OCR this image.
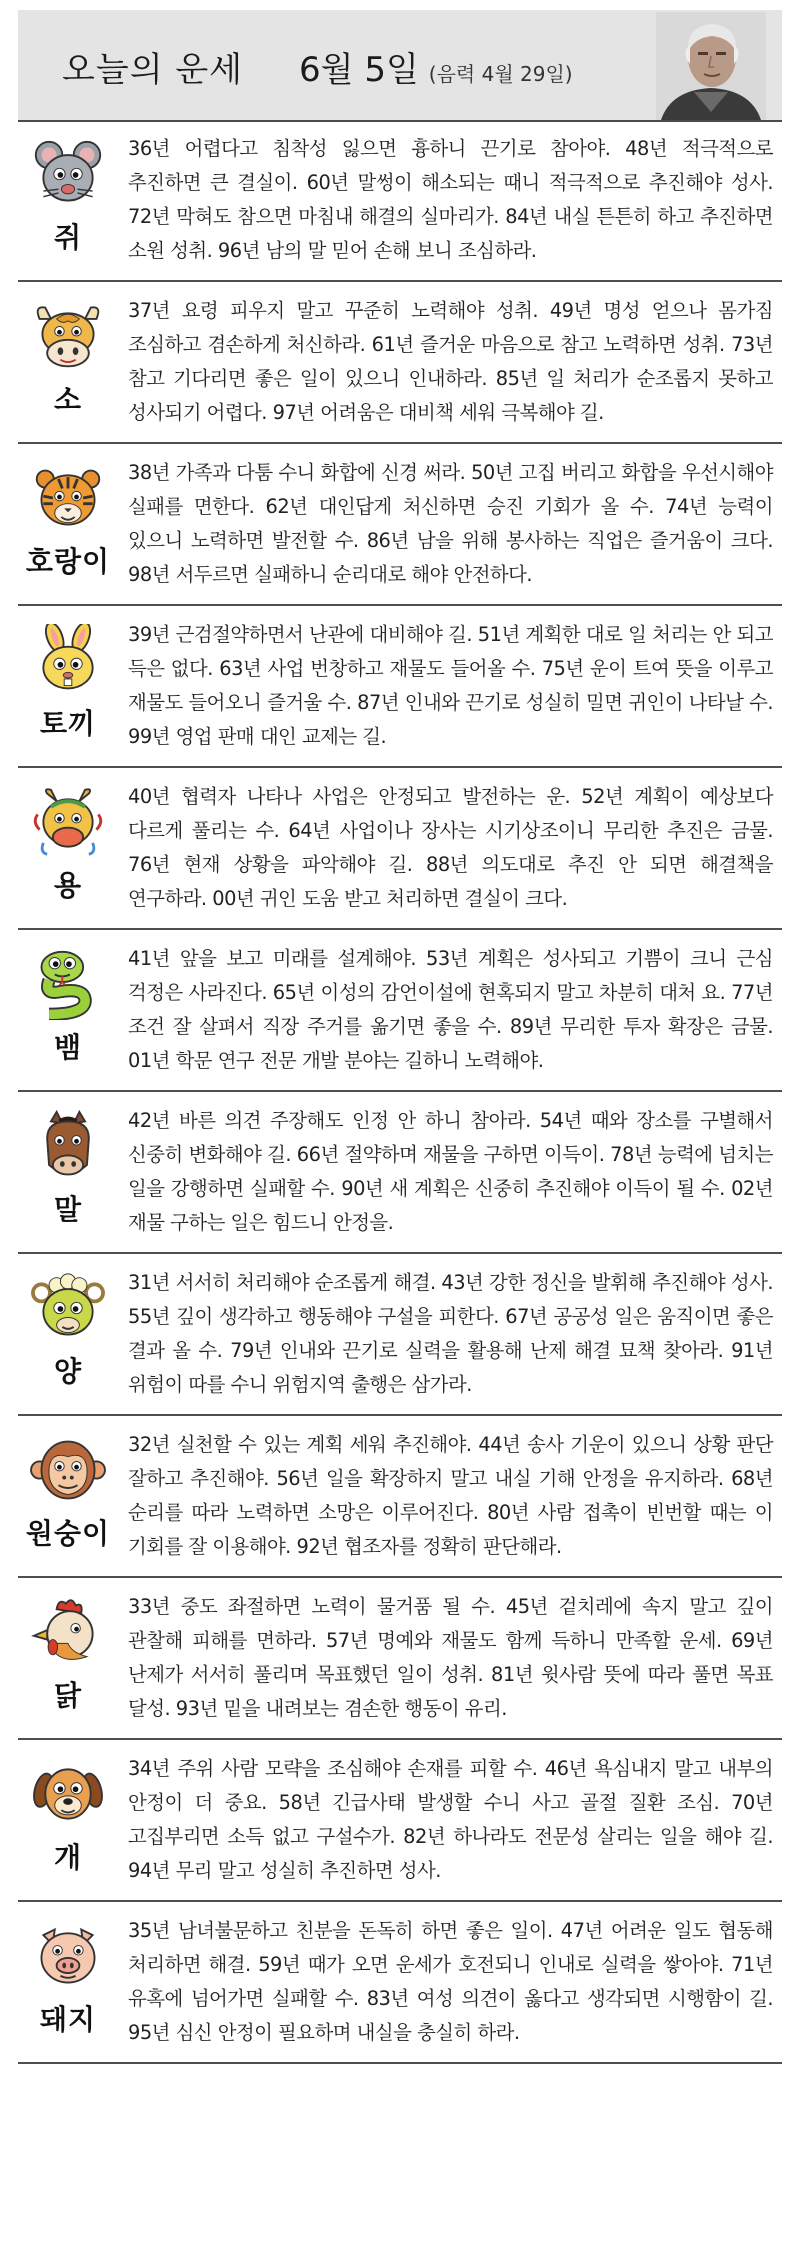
오늘의 운세 6월 5일 (음력 4월 29일)
쥐
36년 어렵다고 침착성 잃으면 흉하니 끈기로 참아야. 48년 적극적으로 추진하면 큰 결실이. 60년 말썽이 해소되는 때니 적극적으로 추진해야 성사. 72년 막혀도 참으면 마침내 해결의 실마리가. 84년 내실 튼튼히 하고 추진하면 소원 성취. 96년 남의 말 믿어 손해 보니 조심하라.
소
37년 요령 피우지 말고 꾸준히 노력해야 성취. 49년 명성 얻으나 몸가짐 조심하고 겸손하게 처신하라. 61년 즐거운 마음으로 참고 노력하면 성취. 73년 참고 기다리면 좋은 일이 있으니 인내하라. 85년 일 처리가 순조롭지 못하고 성사되기 어렵다. 97년 어려움은 대비책 세워 극복해야 길.
호랑이
38년 가족과 다툼 수니 화합에 신경 써라. 50년 고집 버리고 화합을 우선시해야 실패를 면한다. 62년 대인답게 처신하면 승진 기회가 올 수. 74년 능력이 있으니 노력하면 발전할 수. 86년 남을 위해 봉사하는 직업은 즐거움이 크다. 98년 서두르면 실패하니 순리대로 해야 안전하다.
토끼
39년 근검절약하면서 난관에 대비해야 길. 51년 계획한 대로 일 처리는 안 되고 득은 없다. 63년 사업 번창하고 재물도 들어올 수. 75년 운이 트여 뜻을 이루고 재물도 들어오니 즐거울 수. 87년 인내와 끈기로 성실히 밀면 귀인이 나타날 수. 99년 영업 판매 대인 교제는 길.
용
40년 협력자 나타나 사업은 안정되고 발전하는 운. 52년 계획이 예상보다 다르게 풀리는 수. 64년 사업이나 장사는 시기상조이니 무리한 추진은 금물. 76년 현재 상황을 파악해야 길. 88년 의도대로 추진 안 되면 해결책을 연구하라. 00년 귀인 도움 받고 처리하면 결실이 크다.
뱀
41년 앞을 보고 미래를 설계해야. 53년 계획은 성사되고 기쁨이 크니 근심 걱정은 사라진다. 65년 이성의 감언이설에 현혹되지 말고 차분히 대처 요. 77년 조건 잘 살펴서 직장 주거를 옮기면 좋을 수. 89년 무리한 투자 확장은 금물. 01년 학문 연구 전문 개발 분야는 길하니 노력해야.
말
42년 바른 의견 주장해도 인정 안 하니 참아라. 54년 때와 장소를 구별해서 신중히 변화해야 길. 66년 절약하며 재물을 구하면 이득이. 78년 능력에 넘치는 일을 강행하면 실패할 수. 90년 새 계획은 신중히 추진해야 이득이 될 수. 02년 재물 구하는 일은 힘드니 안정을.
양
31년 서서히 처리해야 순조롭게 해결. 43년 강한 정신을 발휘해 추진해야 성사. 55년 깊이 생각하고 행동해야 구설을 피한다. 67년 공공성 일은 움직이면 좋은 결과 올 수. 79년 인내와 끈기로 실력을 활용해 난제 해결 묘책 찾아라. 91년 위험이 따를 수니 위험지역 출행은 삼가라.
원숭이
32년 실천할 수 있는 계획 세워 추진해야. 44년 송사 기운이 있으니 상황 판단 잘하고 추진해야. 56년 일을 확장하지 말고 내실 기해 안정을 유지하라. 68년 순리를 따라 노력하면 소망은 이루어진다. 80년 사람 접촉이 빈번할 때는 이 기회를 잘 이용해야. 92년 협조자를 정확히 판단해라.
닭
33년 중도 좌절하면 노력이 물거품 될 수. 45년 겉치레에 속지 말고 깊이 관찰해 피해를 면하라. 57년 명예와 재물도 함께 득하니 만족할 운세. 69년 난제가 서서히 풀리며 목표했던 일이 성취. 81년 윗사람 뜻에 따라 풀면 목표 달성. 93년 밑을 내려보는 겸손한 행동이 유리.
개
34년 주위 사람 모략을 조심해야 손재를 피할 수. 46년 욕심내지 말고 내부의 안정이 더 중요. 58년 긴급사태 발생할 수니 사고 골절 질환 조심. 70년 고집부리면 소득 없고 구설수가. 82년 하나라도 전문성 살리는 일을 해야 길. 94년 무리 말고 성실히 추진하면 성사.
돼지
35년 남녀불문하고 친분을 돈독히 하면 좋은 일이. 47년 어려운 일도 협동해 처리하면 해결. 59년 때가 오면 운세가 호전되니 인내로 실력을 쌓아야. 71년 유혹에 넘어가면 실패할 수. 83년 여성 의견이 옳다고 생각되면 시행함이 길. 95년 심신 안정이 필요하며 내실을 충실히 하라.
